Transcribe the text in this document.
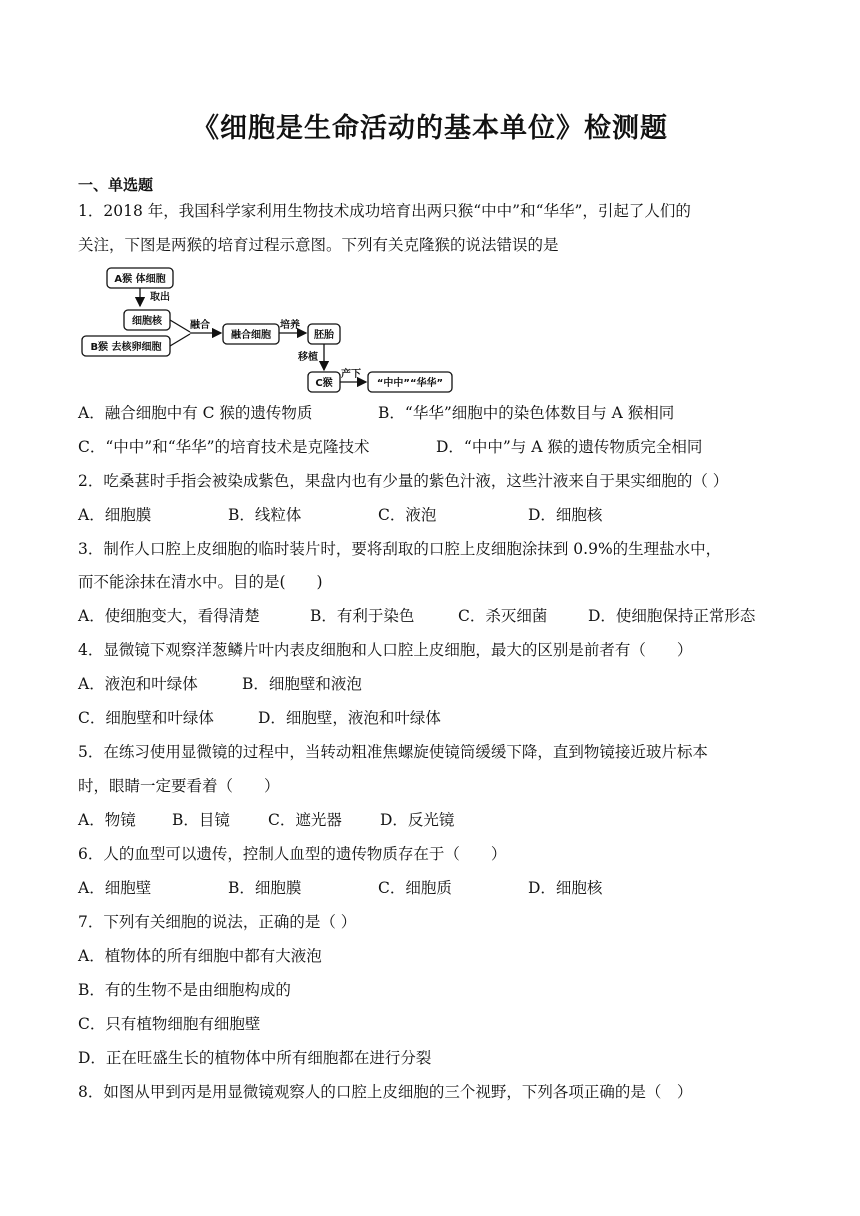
《细胞是生命活动的基本单位》检测题
一、单选题
1．2018 年，我国科学家利用生物技术成功培育出两只猴“中中”和“华华”，引起了人们的
关注，下图是两猴的培育过程示意图。下列有关克隆猴的说法错误的是
A猴 体细胞
取出
细胞核
B猴 去核卵细胞
融合
融合细胞
培养
胚胎
移植
C猴
产下
“中中”“华华”
A．融合细胞中有 C 猴的遗传物质	B．“华华”细胞中的染色体数目与 A 猴相同
C．“中中”和“华华”的培育技术是克隆技术	D．“中中”与 A 猴的遗传物质完全相同
2．吃桑葚时手指会被染成紫色，果盘内也有少量的紫色汁液，这些汁液来自于果实细胞的（ ）
A．细胞膜	B．线粒体	C．液泡	D．细胞核
3．制作人口腔上皮细胞的临时装片时，要将刮取的口腔上皮细胞涂抹到 0.9%的生理盐水中，
而不能涂抹在清水中。目的是(　　)
A．使细胞变大，看得清楚	B．有利于染色	C．杀灭细菌	D．使细胞保持正常形态
4．显微镜下观察洋葱鳞片叶内表皮细胞和人口腔上皮细胞，最大的区别是前者有（　　）
A．液泡和叶绿体	B．细胞壁和液泡
C．细胞壁和叶绿体	D．细胞壁，液泡和叶绿体
5．在练习使用显微镜的过程中，当转动粗准焦螺旋使镜筒缓缓下降，直到物镜接近玻片标本
时，眼睛一定要看着（　　）
A．物镜 B．目镜 C．遮光器 D．反光镜
6．人的血型可以遗传，控制人血型的遗传物质存在于（　　）
A．细胞壁	B．细胞膜	C．细胞质	D．细胞核
7．下列有关细胞的说法，正确的是（ ）
A．植物体的所有细胞中都有大液泡
B．有的生物不是由细胞构成的
C．只有植物细胞有细胞壁
D．正在旺盛生长的植物体中所有细胞都在进行分裂
8．如图从甲到丙是用显微镜观察人的口腔上皮细胞的三个视野，下列各项正确的是（　）
